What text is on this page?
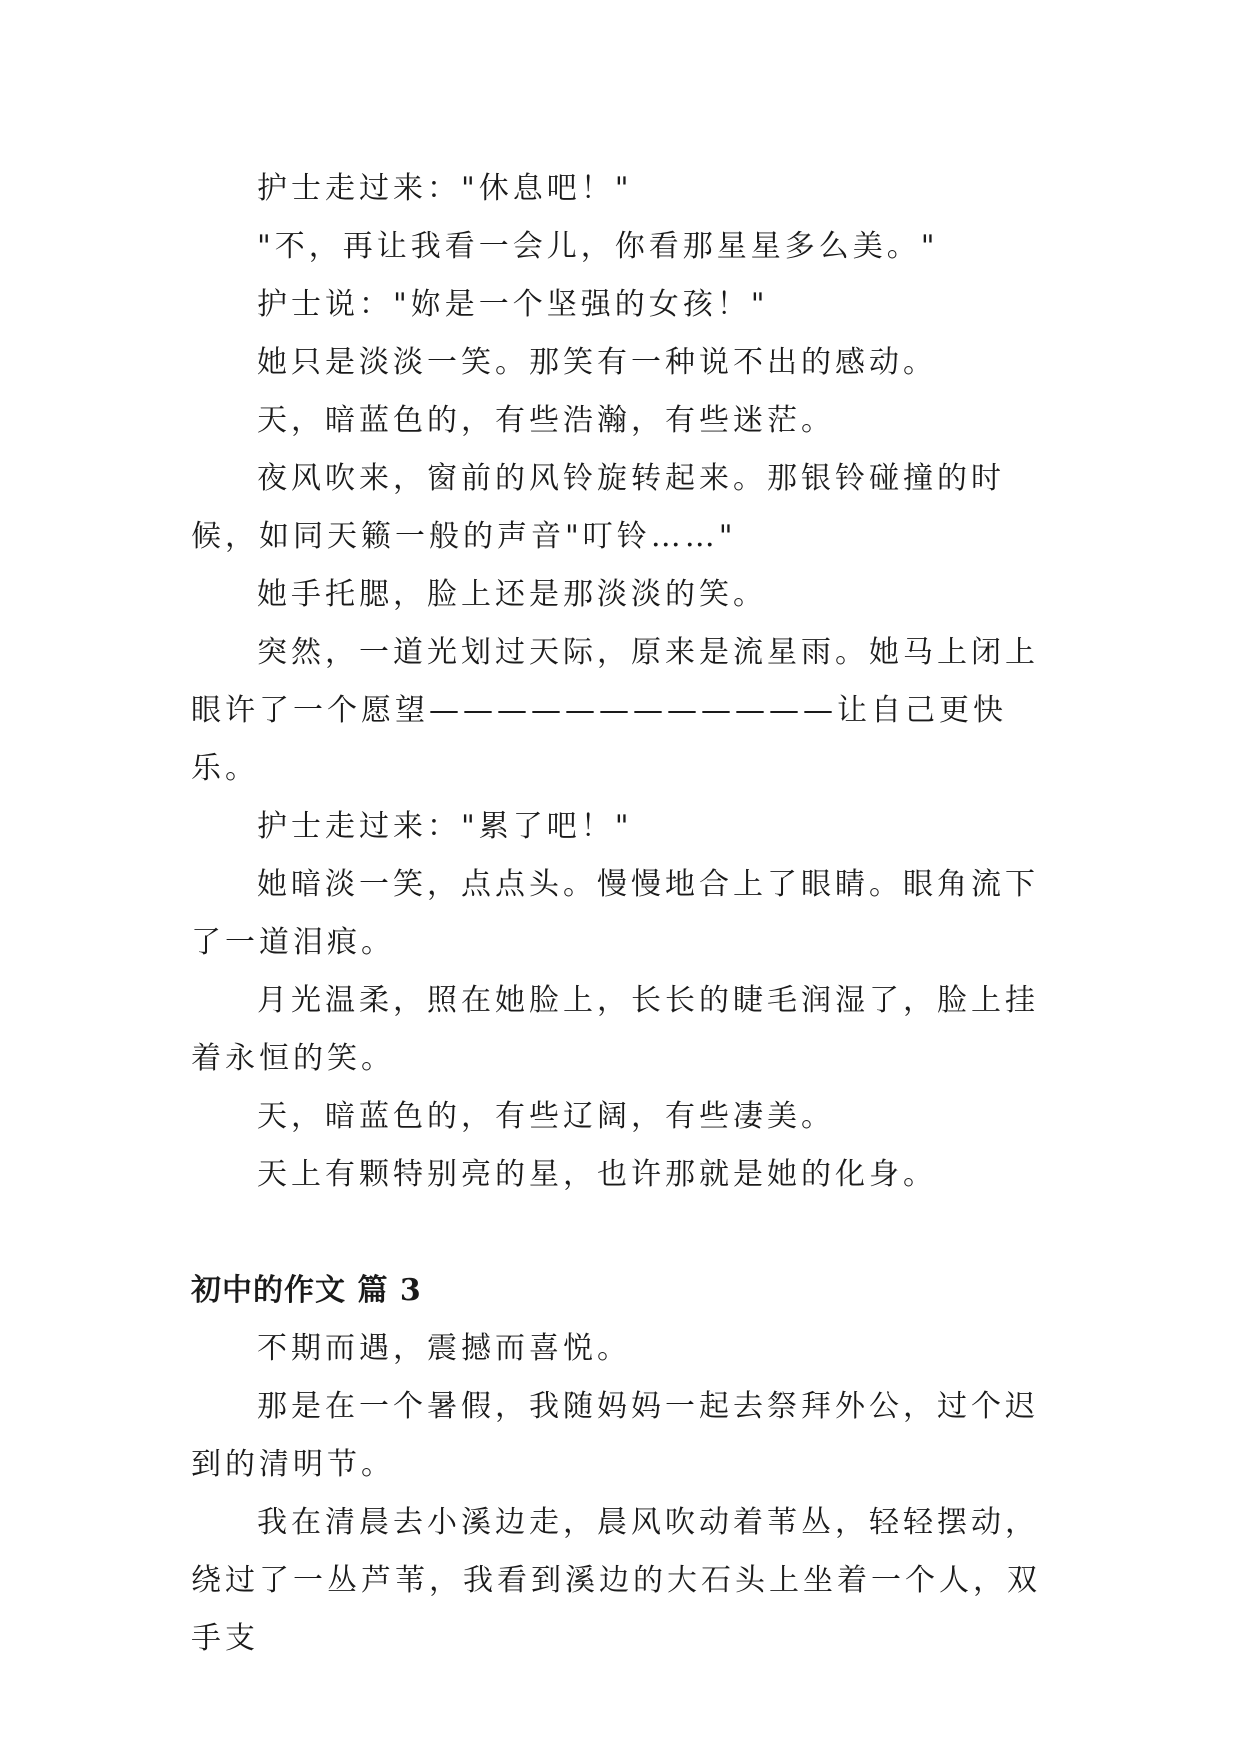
护士走过来："休息吧！"

"不，再让我看一会儿，你看那星星多么美。"

护士说："妳是一个坚强的女孩！"

她只是淡淡一笑。那笑有一种说不出的感动。

天，暗蓝色的，有些浩瀚，有些迷茫。

夜风吹来，窗前的风铃旋转起来。那银铃碰撞的时候，如同天籁一般的声音"叮铃……"

她手托腮，脸上还是那淡淡的笑。

突然，一道光划过天际，原来是流星雨。她马上闭上眼许了一个愿望————————————让自己更快乐。

护士走过来："累了吧！"

她暗淡一笑，点点头。慢慢地合上了眼睛。眼角流下了一道泪痕。

月光温柔，照在她脸上，长长的睫毛润湿了，脸上挂着永恒的笑。

天，暗蓝色的，有些辽阔，有些凄美。

天上有颗特别亮的星，也许那就是她的化身。

初中的作文 篇 3

不期而遇，震撼而喜悦。

那是在一个暑假，我随妈妈一起去祭拜外公，过个迟到的清明节。

我在清晨去小溪边走，晨风吹动着苇丛，轻轻摆动，绕过了一丛芦苇，我看到溪边的大石头上坐着一个人，双手支
